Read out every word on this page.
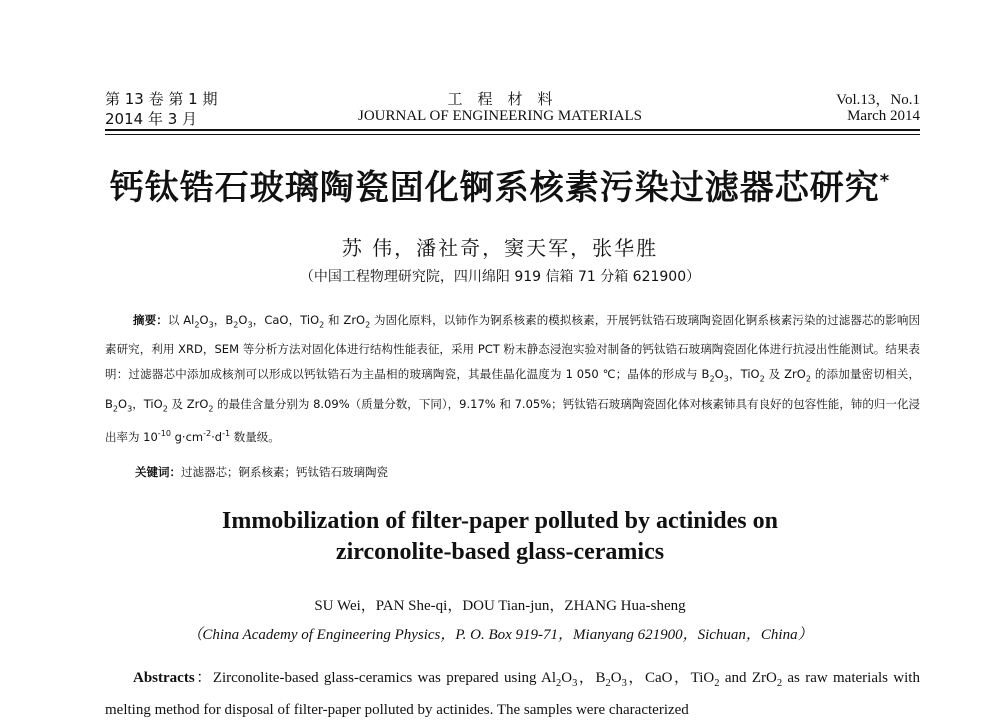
第 13 卷 第 1 期
2014 年 3 月
工　程　材　料
JOURNAL OF ENGINEERING MATERIALS
Vol.13，No.1
March 2014
钙钛锆石玻璃陶瓷固化锕系核素污染过滤器芯研究*
苏 伟，潘社奇，窦天军，张华胜
（中国工程物理研究院，四川绵阳 919 信箱 71 分箱 621900）
摘要：以 $Al_2O_3$，$B_2O_3$，CaO，TiO$_2$ 和 ZrO$_2$ 为固化原料，以铈作为锕系核素的模拟核素，开展钙钛锆石玻璃陶瓷固化锕系核素污染的过滤器芯的影响因素研究，利用 XRD，SEM 等分析方法对固化体进行结构性能表征，采用 PCT 粉末静态浸泡实验对制备的钙钛锆石玻璃陶瓷固化体进行抗浸出性能测试。结果表明：过滤器芯中添加成核剂可以形成以钙钛锆石为主晶相的玻璃陶瓷，其最佳晶化温度为 1 050 ℃；晶体的形成与 $B_2O_3$，TiO$_2$ 及 ZrO$_2$ 的添加量密切相关，$B_2O_3$，TiO$_2$ 及 ZrO$_2$ 的最佳含量分别为 8.09%（质量分数，下同），9.17% 和 7.05%；钙钛锆石玻璃陶瓷固化体对核素铈具有良好的包容性能，铈的归一化浸出率为 $10^{-10}$ $g\cdot cm^{-2}\cdot d^{-1}$ 数量级。
关键词：过滤器芯；锕系核素；钙钛锆石玻璃陶瓷
Immobilization of filter-paper polluted by actinides on
zirconolite-based glass-ceramics
SU Wei，PAN She-qi，DOU Tian-jun，ZHANG Hua-sheng
（China Academy of Engineering Physics，P. O. Box 919-71，Mianyang 621900，Sichuan，China）
Abstracts：Zirconolite-based glass-ceramics was prepared using $Al_2O_3$，$B_2O_3$，CaO，TiO$_2$ and ZrO$_2$ as raw materials with melting method for disposal of filter-paper polluted by actinides. The samples were characterized
